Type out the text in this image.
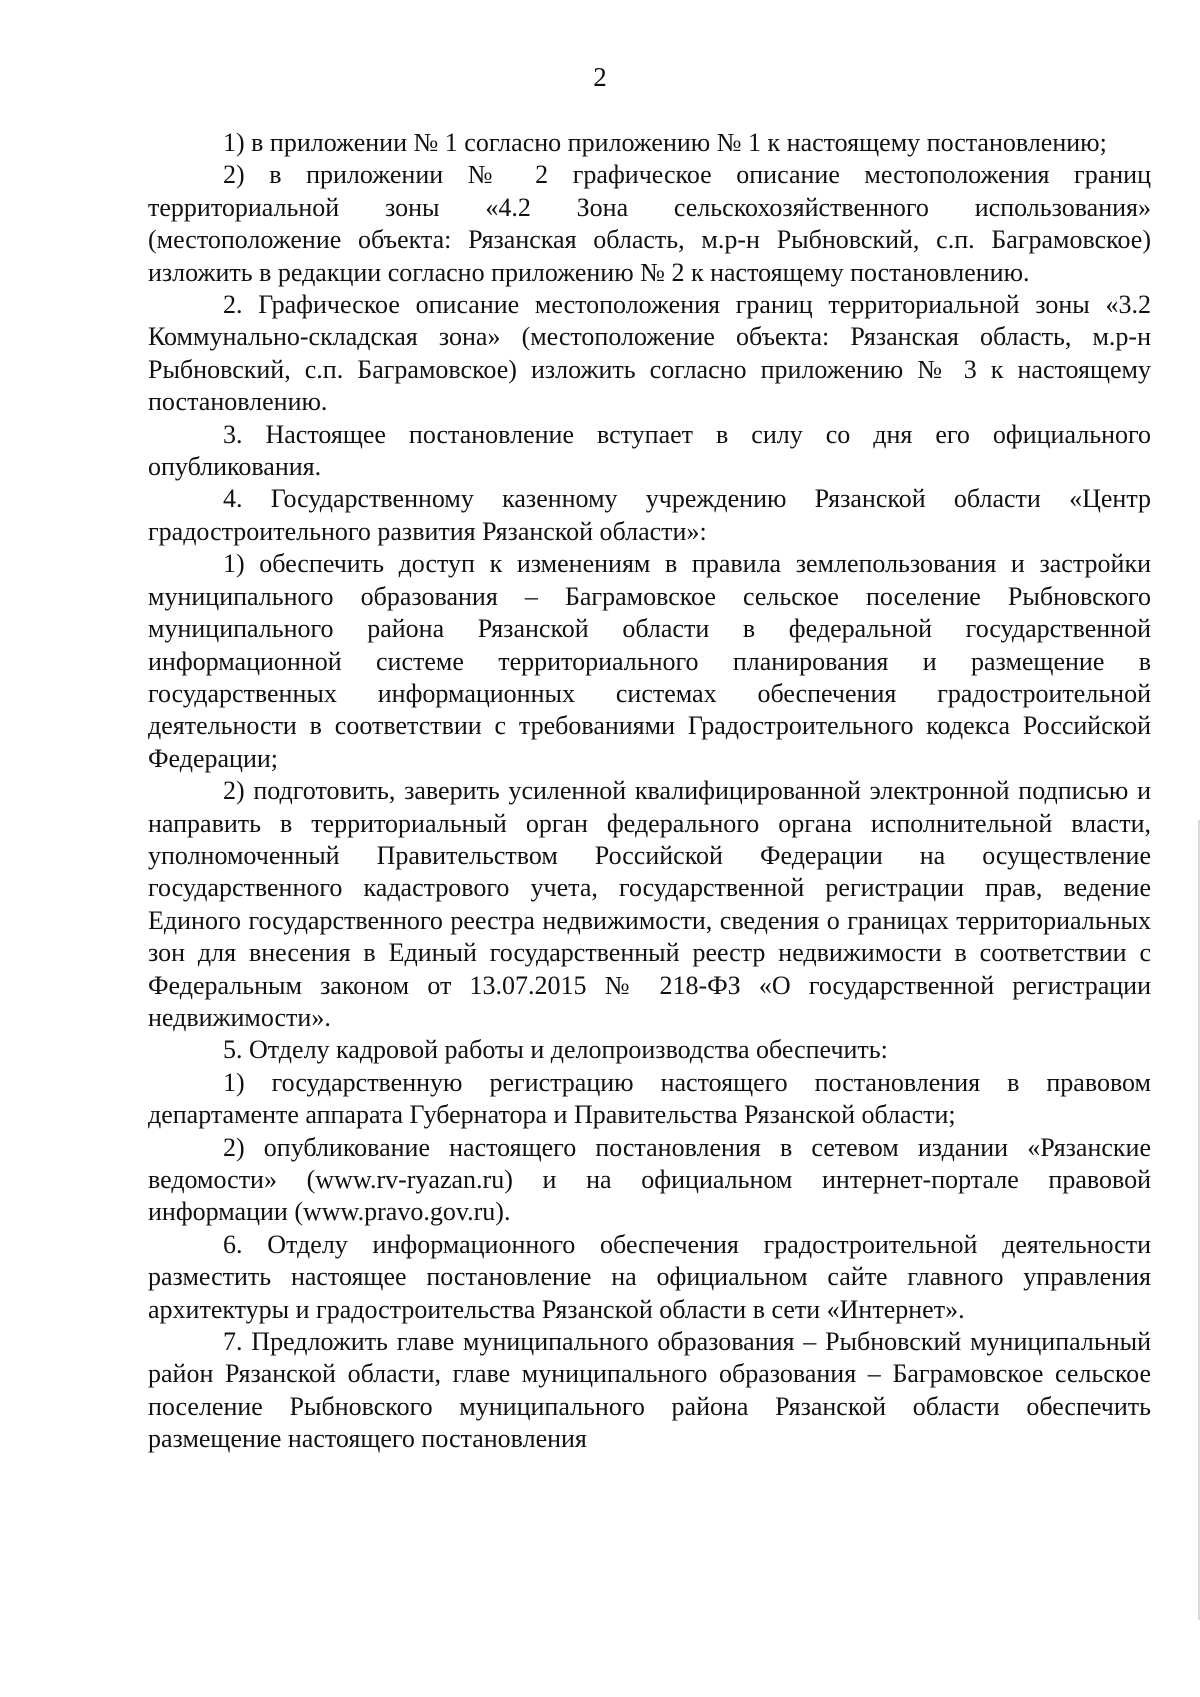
2

1) в приложении № 1 согласно приложению № 1 к настоящему постановлению;

2) в приложении № 2 графическое описание местоположения границ территориальной зоны «4.2 Зона сельскохозяйственного использования» (местоположение объекта: Рязанская область, м.р-н Рыбновский, с.п. Баграмовское) изложить в редакции согласно приложению № 2 к настоящему постановлению.

2. Графическое описание местоположения границ территориальной зоны «3.2 Коммунально-складская зона» (местоположение объекта: Рязанская область, м.р-н Рыбновский, с.п. Баграмовское) изложить согласно приложению № 3 к настоящему постановлению.

3. Настоящее постановление вступает в силу со дня его официального опубликования.

4. Государственному казенному учреждению Рязанской области «Центр градостроительного развития Рязанской области»:

1) обеспечить доступ к изменениям в правила землепользования и застройки муниципального образования – Баграмовское сельское поселение Рыбновского муниципального района Рязанской области в федеральной государственной информационной системе территориального планирования и размещение в государственных информационных системах обеспечения градостроительной деятельности в соответствии с требованиями Градостроительного кодекса Российской Федерации;

2) подготовить, заверить усиленной квалифицированной электронной подписью и направить в территориальный орган федерального органа исполнительной власти, уполномоченный Правительством Российской Федерации на осуществление государственного кадастрового учета, государственной регистрации прав, ведение Единого государственного реестра недвижимости, сведения о границах территориальных зон для внесения в Единый государственный реестр недвижимости в соответствии с Федеральным законом от 13.07.2015 № 218-ФЗ «О государственной регистрации недвижимости».

5. Отделу кадровой работы и делопроизводства обеспечить:

1) государственную регистрацию настоящего постановления в правовом департаменте аппарата Губернатора и Правительства Рязанской области;

2) опубликование настоящего постановления в сетевом издании «Рязанские ведомости» (www.rv-ryazan.ru) и на официальном интернет-портале правовой информации (www.pravo.gov.ru).

6. Отделу информационного обеспечения градостроительной деятельности разместить настоящее постановление на официальном сайте главного управления архитектуры и градостроительства Рязанской области в сети «Интернет».

7. Предложить главе муниципального образования – Рыбновский муниципальный район Рязанской области, главе муниципального образования – Баграмовское сельское поселение Рыбновского муниципального района Рязанской области обеспечить размещение настоящего постановления
